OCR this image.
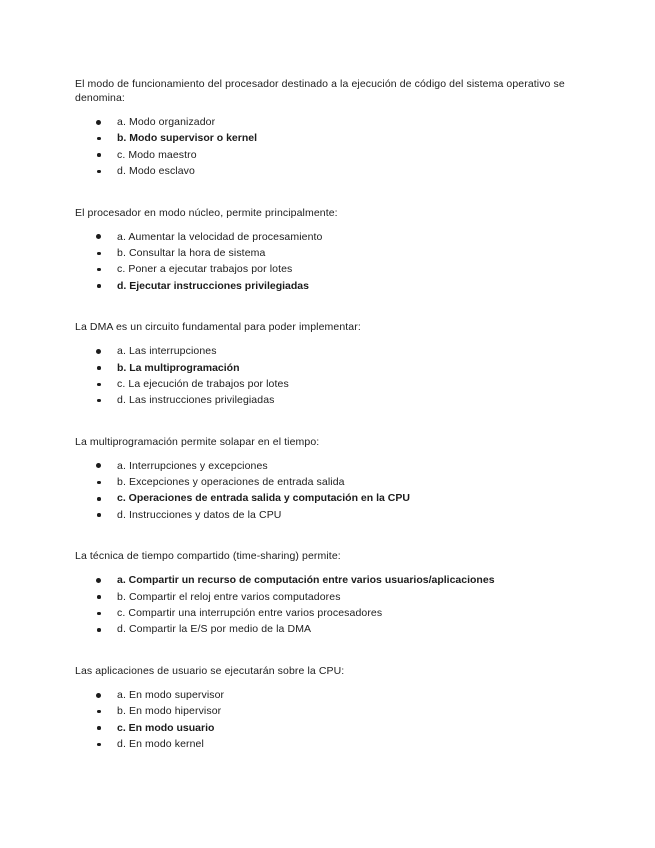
El modo de funcionamiento del procesador destinado a la ejecución de código del sistema operativo se denomina:

a. Modo organizador
b. Modo supervisor o kernel
c. Modo maestro
d. Modo esclavo

El procesador en modo núcleo, permite principalmente:

a. Aumentar la velocidad de procesamiento
b. Consultar la hora de sistema
c. Poner a ejecutar trabajos por lotes
d. Ejecutar instrucciones privilegiadas

La DMA es un circuito fundamental para poder implementar:

a. Las interrupciones
b. La multiprogramación
c. La ejecución de trabajos por lotes
d. Las instrucciones privilegiadas

La multiprogramación permite solapar en el tiempo:

a. Interrupciones y excepciones
b. Excepciones y operaciones de entrada salida
c. Operaciones de entrada salida y computación en la CPU
d. Instrucciones y datos de la CPU

La técnica de tiempo compartido (time-sharing) permite:

a. Compartir un recurso de computación entre varios usuarios/aplicaciones
b. Compartir el reloj entre varios computadores
c. Compartir una interrupción entre varios procesadores
d. Compartir la E/S por medio de la DMA

Las aplicaciones de usuario se ejecutarán sobre la CPU:

a. En modo supervisor
b. En modo hipervisor
c. En modo usuario
d. En modo kernel
